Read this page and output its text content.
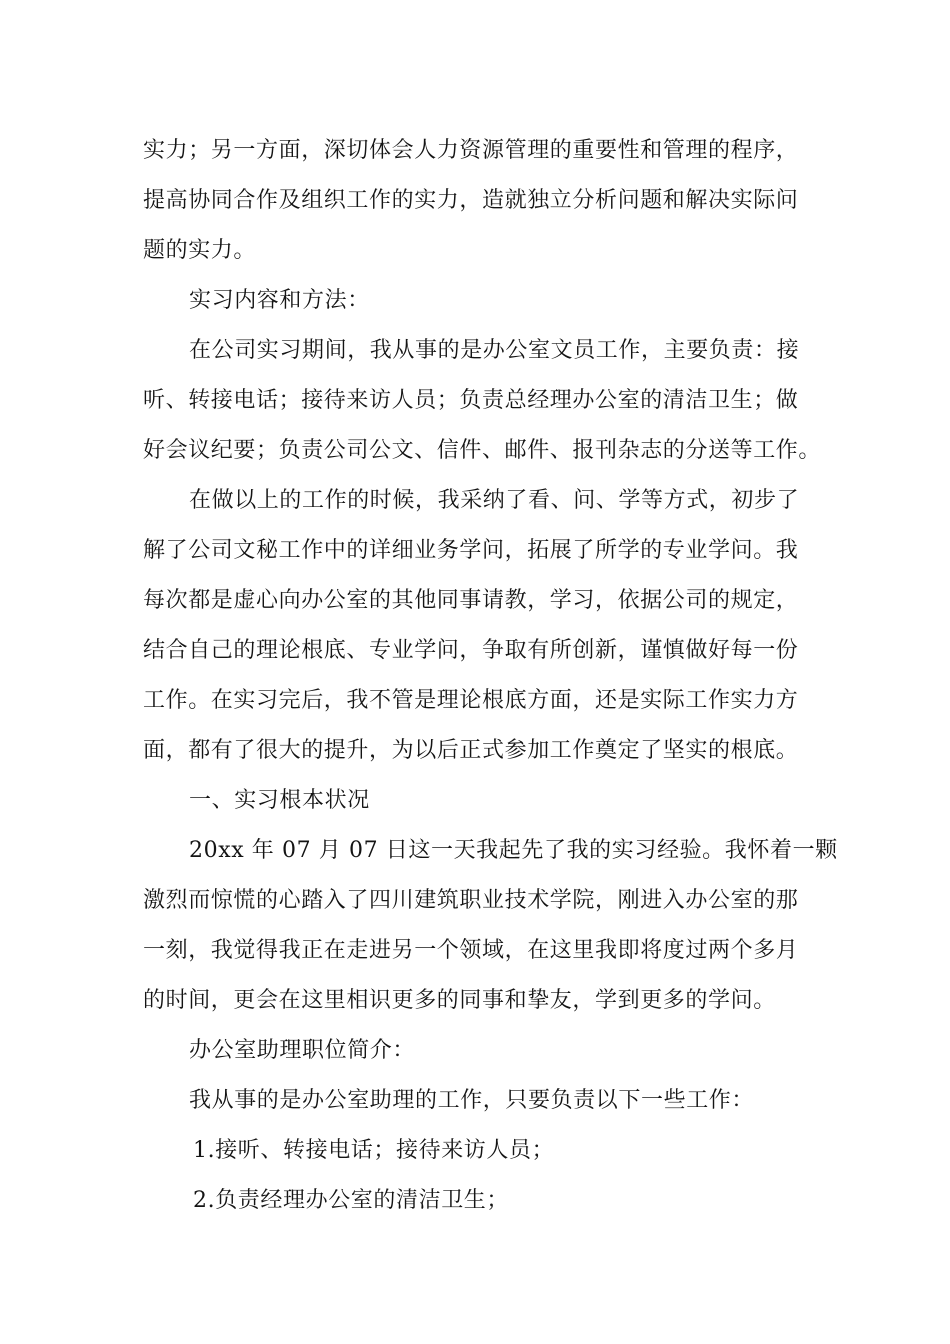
实力；另一方面，深切体会人力资源管理的重要性和管理的程序，
提高协同合作及组织工作的实力，造就独立分析问题和解决实际问
题的实力。
实习内容和方法：
在公司实习期间，我从事的是办公室文员工作，主要负责：接
听、转接电话；接待来访人员；负责总经理办公室的清洁卫生；做
好会议纪要；负责公司公文、信件、邮件、报刊杂志的分送等工作。
在做以上的工作的时候，我采纳了看、问、学等方式，初步了
解了公司文秘工作中的详细业务学问，拓展了所学的专业学问。我
每次都是虚心向办公室的其他同事请教，学习，依据公司的规定，
结合自己的理论根底、专业学问，争取有所创新，谨慎做好每一份
工作。在实习完后，我不管是理论根底方面，还是实际工作实力方
面，都有了很大的提升，为以后正式参加工作奠定了坚实的根底。
一、实习根本状况
20xx 年 07 月 07 日这一天我起先了我的实习经验。我怀着一颗
激烈而惊慌的心踏入了四川建筑职业技术学院，刚进入办公室的那
一刻，我觉得我正在走进另一个领域，在这里我即将度过两个多月
的时间，更会在这里相识更多的同事和挚友，学到更多的学问。
办公室助理职位简介：
我从事的是办公室助理的工作，只要负责以下一些工作：
1.接听、转接电话；接待来访人员；
2.负责经理办公室的清洁卫生；
